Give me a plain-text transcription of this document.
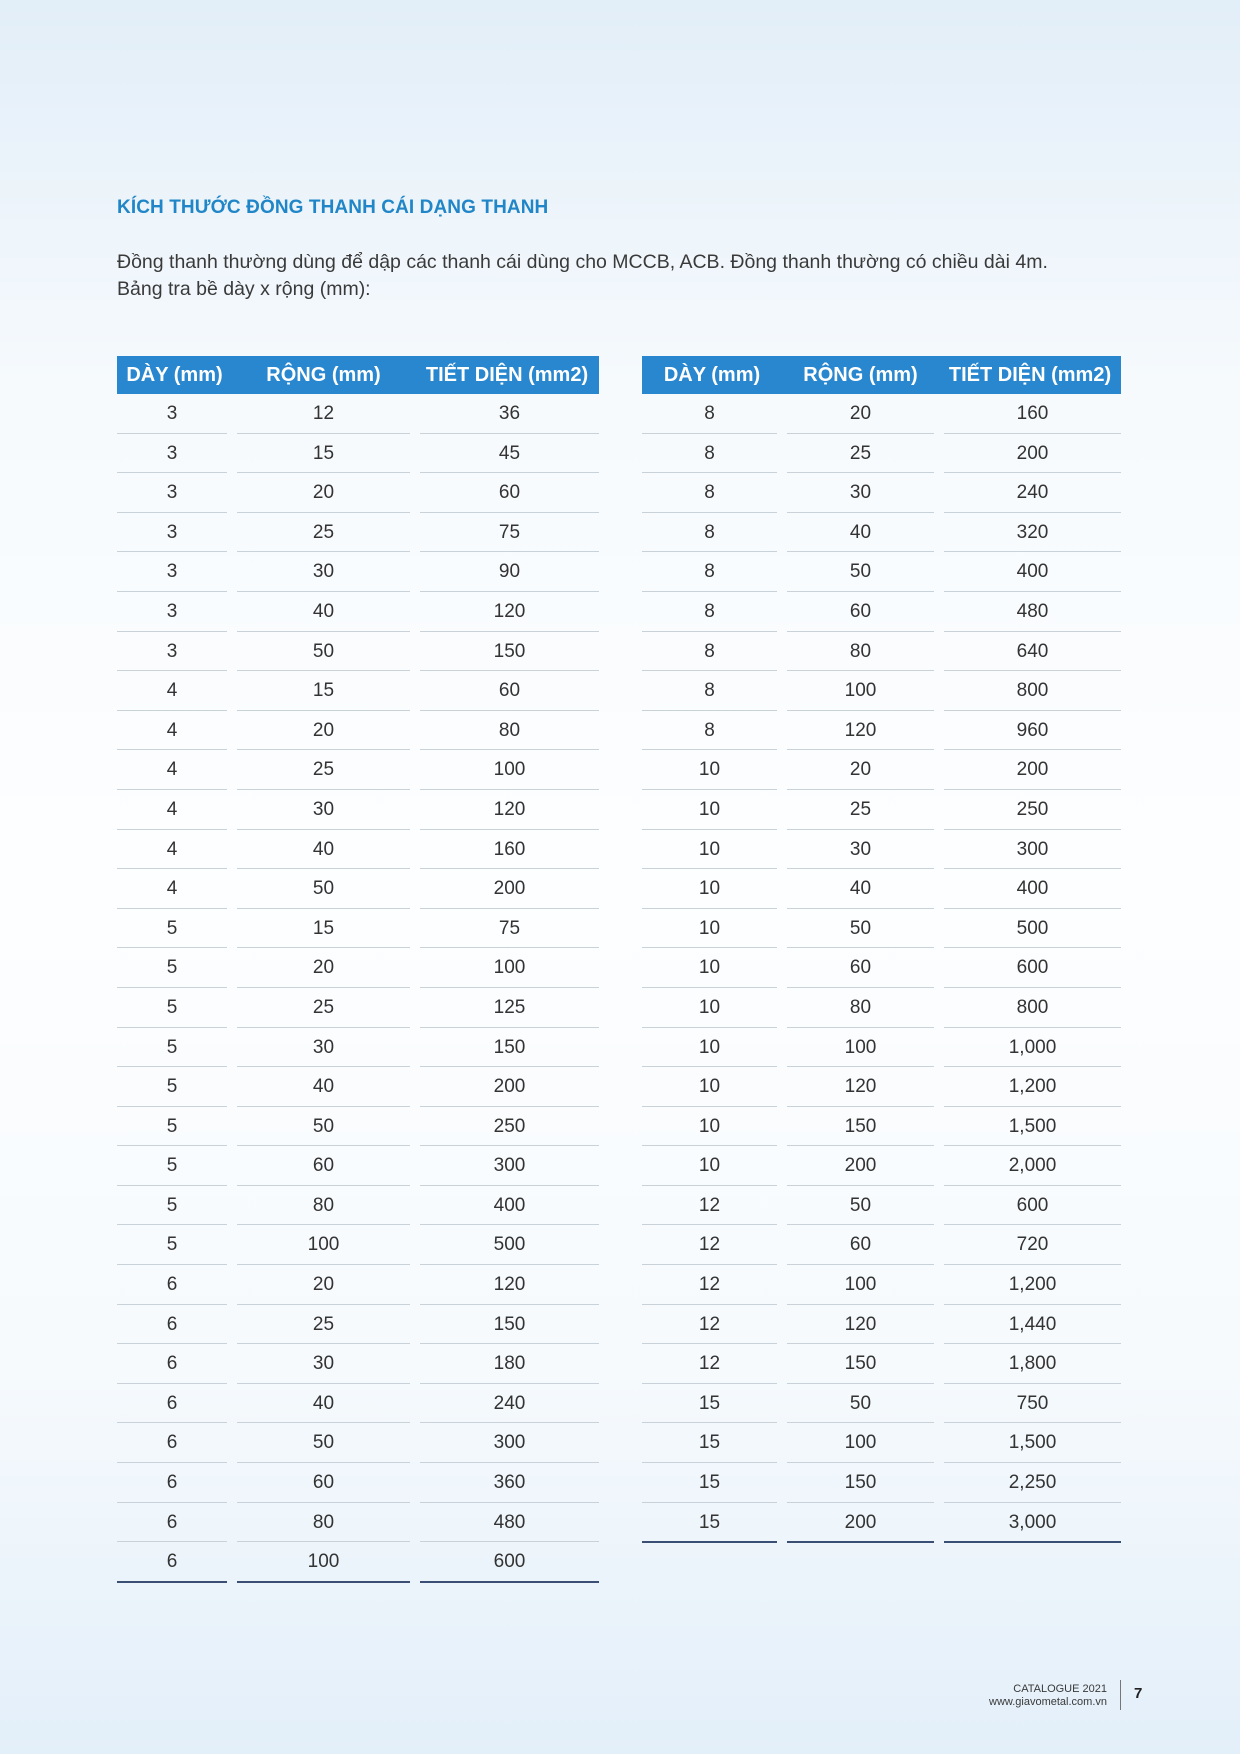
KÍCH THƯỚC ĐỒNG THANH CÁI DẠNG THANH

Đồng thanh thường dùng để dập các thanh cái dùng cho MCCB, ACB. Đồng thanh thường có chiều dài 4m.

Bảng tra bề dày x rộng (mm):

DÀY (mm)	RỘNG (mm)	TIẾT DIỆN (mm2)

3	12	36

3	15	45

3	20	60

3	25	75

3	30	90

3	40	120

3	50	150

4	15	60

4	20	80

4	25	100

4	30	120

4	40	160

4	50	200

5	15	75

5	20	100

5	25	125

5	30	150

5	40	200

5	50	250

5	60	300

5	80	400

5	100	500

6	20	120

6	25	150

6	30	180

6	40	240

6	50	300

6	60	360

6	80	480

6	100	600
DÀY (mm)	RỘNG (mm)	TIẾT DIỆN (mm2)

8	20	160

8	25	200

8	30	240

8	40	320

8	50	400

8	60	480

8	80	640

8	100	800

8	120	960

10	20	200

10	25	250

10	30	300

10	40	400

10	50	500

10	60	600

10	80	800

10	100	1,000

10	120	1,200

10	150	1,500

10	200	2,000

12	50	600

12	60	720

12	100	1,200

12	120	1,440

12	150	1,800

15	50	750

15	100	1,500

15	150	2,250

15	200	3,000
CATALOGUE 2021
www.giavometal.com.vn 7
